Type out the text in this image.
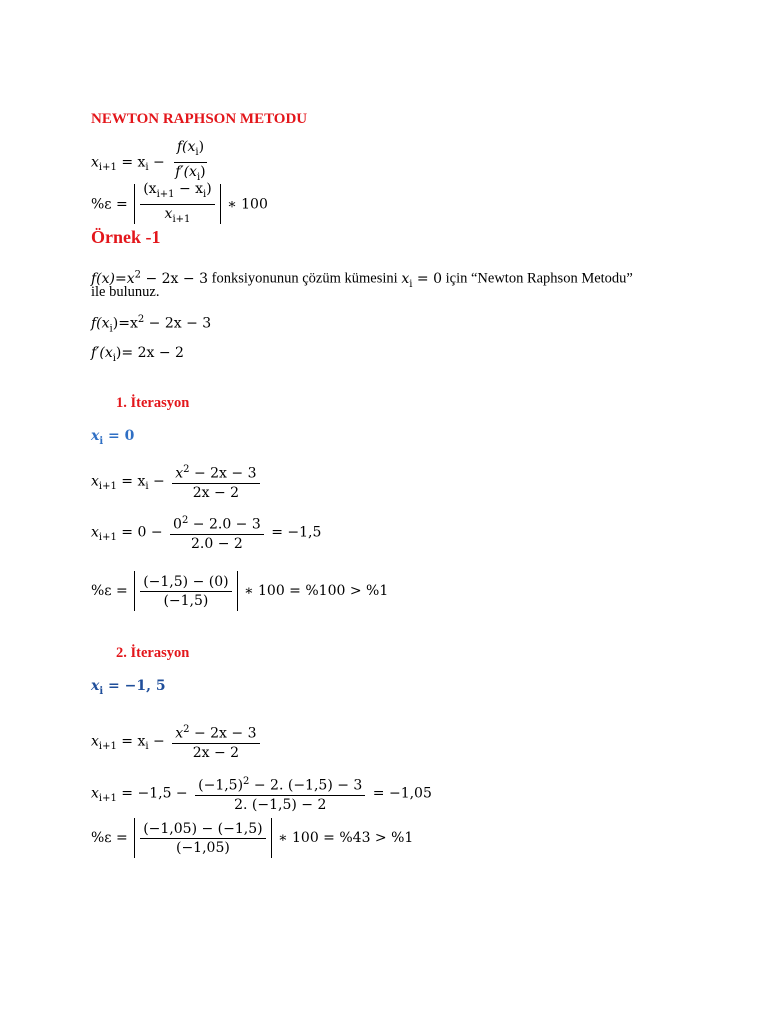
NEWTON RAPHSON METODU
$x_{i+1} = x_i - \frac{f(x_i)}{f'(x_i)}$
$\%\varepsilon = \frac{(x_{i+1} - x_i)}{x_{i+1}}$ ∗ 100
Örnek -1
$f(x)=x^2 - 2x - 3$ fonksiyonunun çözüm kümesini $x_i = 0$ için “Newton Raphson Metodu”
ile bulunuz.
$f(x_i)=x^2 - 2x - 3$
$f'(x_i)= 2x - 2$
1. İterasyon
$x_i = 0$
$x_{i+1} = x_i - \frac{x^2 - 2x - 3}{2x - 2}$
$x_{i+1} = 0 - \frac{0^2 - 2.0 - 3}{2.0 - 2} = -1,5$
$\%\varepsilon = \frac{(-1,5) - (0)}{(-1,5)}$ ∗ 100 = %100 > %1
2. İterasyon
$x_i = -1$, 5
$x_{i+1} = x_i - \frac{x^2 - 2x - 3}{2x - 2}$
$x_{i+1} = -1,5 - \frac{(-1,5)^2 - 2. (-1,5) - 3}{2. (-1,5) - 2} = -1,05$
$\%\varepsilon = \frac{(-1,05) - (-1,5)}{(-1,05)}$ ∗ 100 = %43 > %1
